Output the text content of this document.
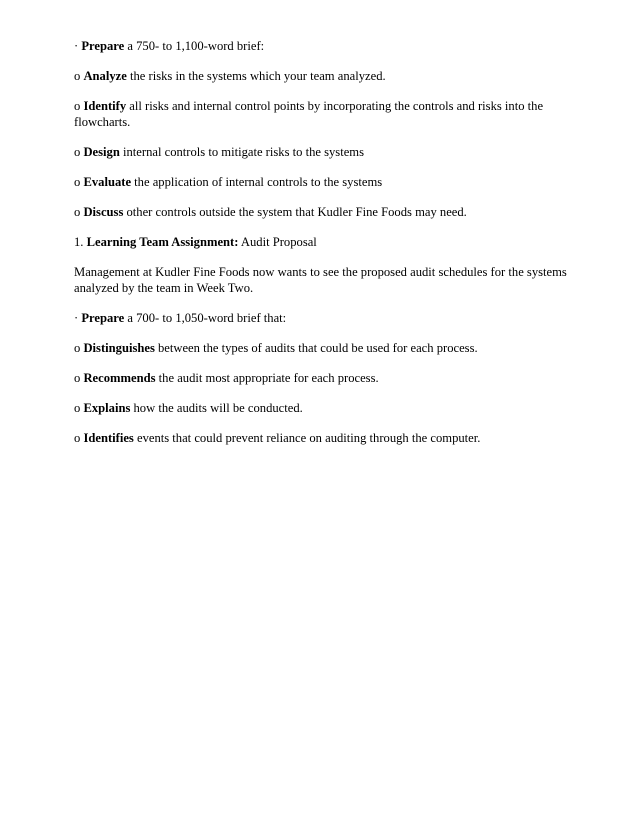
· Prepare a 750- to 1,100-word brief:

o Analyze the risks in the systems which your team analyzed.

o Identify all risks and internal control points by incorporating the controls and risks into the flowcharts.

o Design internal controls to mitigate risks to the systems

o Evaluate the application of internal controls to the systems

o Discuss other controls outside the system that Kudler Fine Foods may need.

1. Learning Team Assignment: Audit Proposal

Management at Kudler Fine Foods now wants to see the proposed audit schedules for the systems analyzed by the team in Week Two.

· Prepare a 700- to 1,050-word brief that:

o Distinguishes between the types of audits that could be used for each process.

o Recommends the audit most appropriate for each process.

o Explains how the audits will be conducted.

o Identifies events that could prevent reliance on auditing through the computer.
